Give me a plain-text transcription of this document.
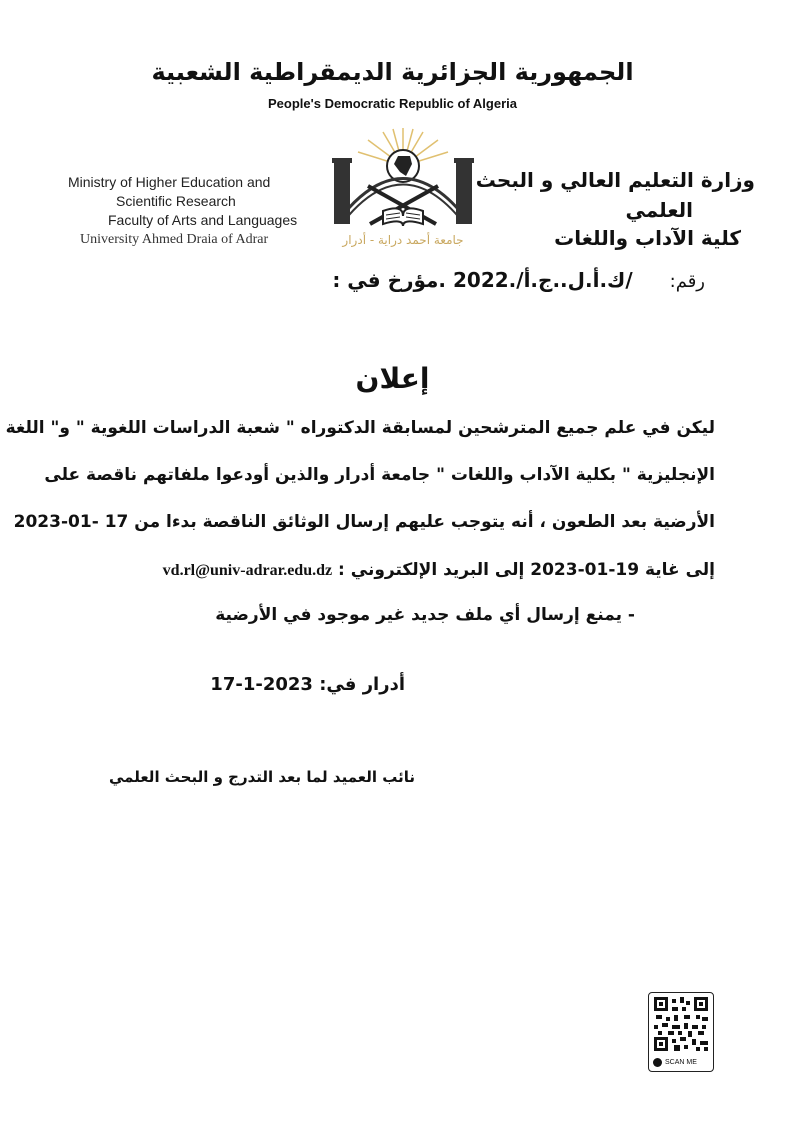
الجمهورية الجزائرية الديمقراطية الشعبية
People's Democratic Republic of Algeria
Ministry of Higher Education and
Scientific Research
Faculty of Arts and Languages
University Ahmed Draia of Adrar	جامعة أحمد دراية - أدرار
وزارة التعليم العالي و البحث
العلمي
كلية الآداب واللغات
رقم: /ك.أ.ل..ج.أ/.2022 .مؤرخ في :
إعلان
ليكن في علم جميع المترشحين لمسابقة الدكتوراه " شعبة الدراسات اللغوية " و" اللغة
الإنجليزية " بكلية الآداب واللغات " جامعة أدرار والذين أودعوا ملفاتهم ناقصة على
الأرضية بعد الطعون ، أنه يتوجب عليهم إرسال الوثائق الناقصة بدءا من 17 -01-2023
إلى غاية 19-01-2023 إلى البريد الإلكتروني : vd.rl@univ-adrar.edu.dz
- يمنع إرسال أي ملف جديد غير موجود في الأرضية
أدرار في: 2023-1-17
نائب العميد لما بعد التدرج و البحث العلمي
SCAN ME
